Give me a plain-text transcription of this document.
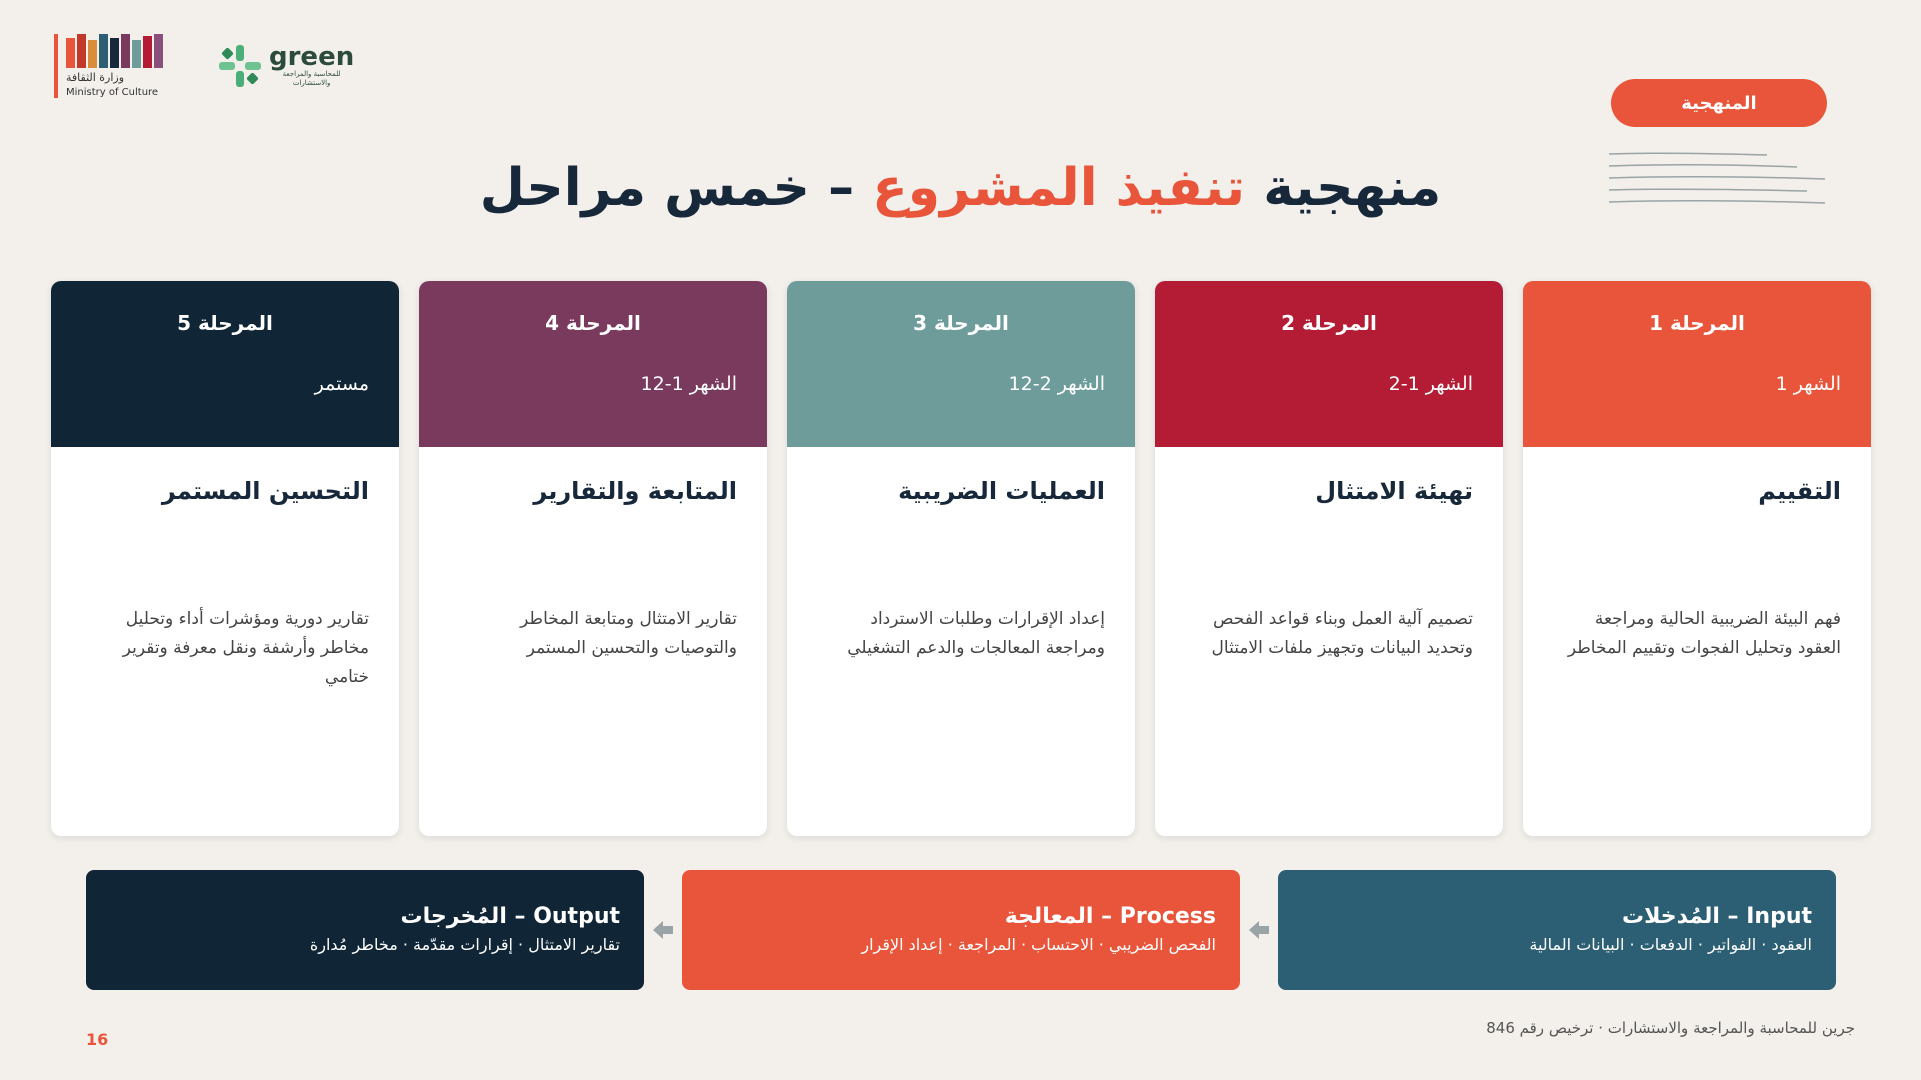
وزارة الثقافة
Ministry of Culture
green
للمحاسبة والمراجعة
والاستشارات
المنهجية
منهجية تنفيذ المشروع – خمس مراحل
المرحلة 1
الشهر 1
التقييم
فهم البيئة الضريبية الحالية ومراجعة العقود وتحليل الفجوات وتقييم المخاطر
المرحلة 2
الشهر 1-2
تهيئة الامتثال
تصميم آلية العمل وبناء قواعد الفحص وتحديد البيانات وتجهيز ملفات الامتثال
المرحلة 3
الشهر 2-12
العمليات الضريبية
إعداد الإقرارات وطلبات الاسترداد ومراجعة المعالجات والدعم التشغيلي
المرحلة 4
الشهر 1-12
المتابعة والتقارير
تقارير الامتثال ومتابعة المخاطر والتوصيات والتحسين المستمر
المرحلة 5
مستمر
التحسين المستمر
تقارير دورية ومؤشرات أداء وتحليل مخاطر وأرشفة ونقل معرفة وتقرير ختامي
Input – المُدخلات
العقود · الفواتير · الدفعات · البيانات المالية
Process – المعالجة
الفحص الضريبي · الاحتساب · المراجعة · إعداد الإقرار
Output – المُخرجات
تقارير الامتثال · إقرارات مقدّمة · مخاطر مُدارة
جرين للمحاسبة والمراجعة والاستشارات · ترخيص رقم 846
16
